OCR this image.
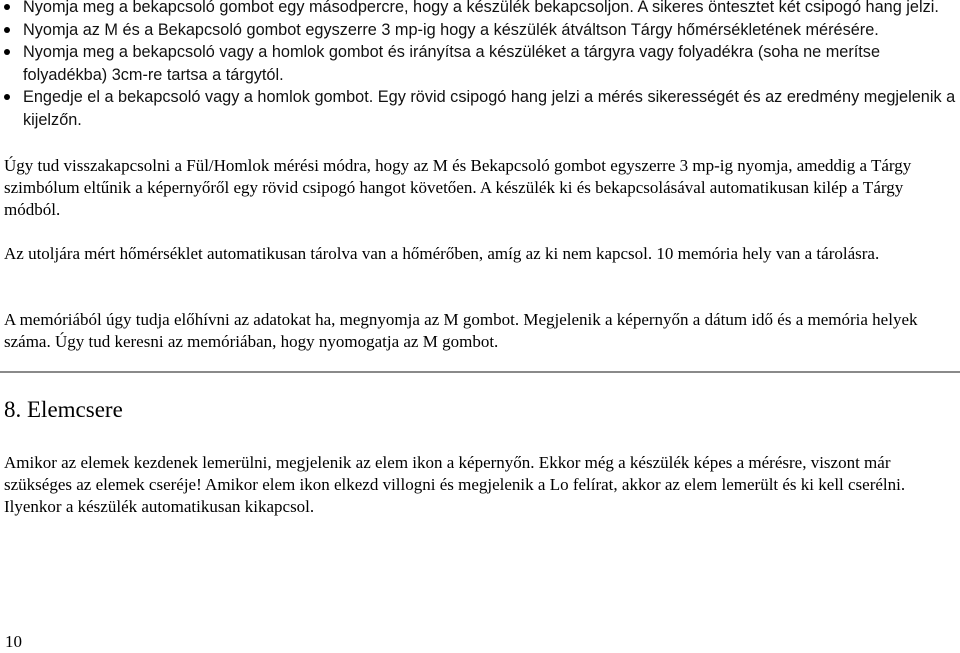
Nyomja meg a bekapcsoló gombot egy másodpercre, hogy a készülék bekapcsoljon. A sikeres öntesztet két csipogó hang jelzi.
Nyomja az M és a Bekapcsoló gombot egyszerre 3 mp-ig hogy a készülék átváltson Tárgy hőmérsékletének mérésére.
Nyomja meg a bekapcsoló vagy a homlok gombot és irányítsa a készüléket a tárgyra vagy folyadékra (soha ne merítse folyadékba) 3cm-re tartsa a tárgytól.
Engedje el a bekapcsoló vagy a homlok gombot. Egy rövid csipogó hang jelzi a mérés sikerességét és az eredmény megjelenik a kijelzőn.

Úgy tud visszakapcsolni a Fül/Homlok mérési módra, hogy az M és Bekapcsoló gombot egyszerre 3 mp-ig nyomja, ameddig a Tárgy szimbólum eltűnik a képernyőről egy rövid csipogó hangot követően. A készülék ki és bekapcsolásával automatikusan kilép a Tárgy módból.

Az utoljára mért hőmérséklet automatikusan tárolva van a hőmérőben, amíg az ki nem kapcsol. 10 memória hely van a tárolásra.

A memóriából úgy tudja előhívni az adatokat ha, megnyomja az M gombot. Megjelenik a képernyőn a dátum idő és a memória helyek száma. Úgy tud keresni az memóriában, hogy nyomogatja az M gombot.

8. Elemcsere

Amikor az elemek kezdenek lemerülni, megjelenik az elem ikon a képernyőn. Ekkor még a készülék képes a mérésre, viszont már szükséges az elemek cseréje! Amikor elem ikon elkezd villogni és megjelenik a Lo felírat, akkor az elem lemerült és ki kell cserélni. Ilyenkor a készülék automatikusan kikapcsol.

10
